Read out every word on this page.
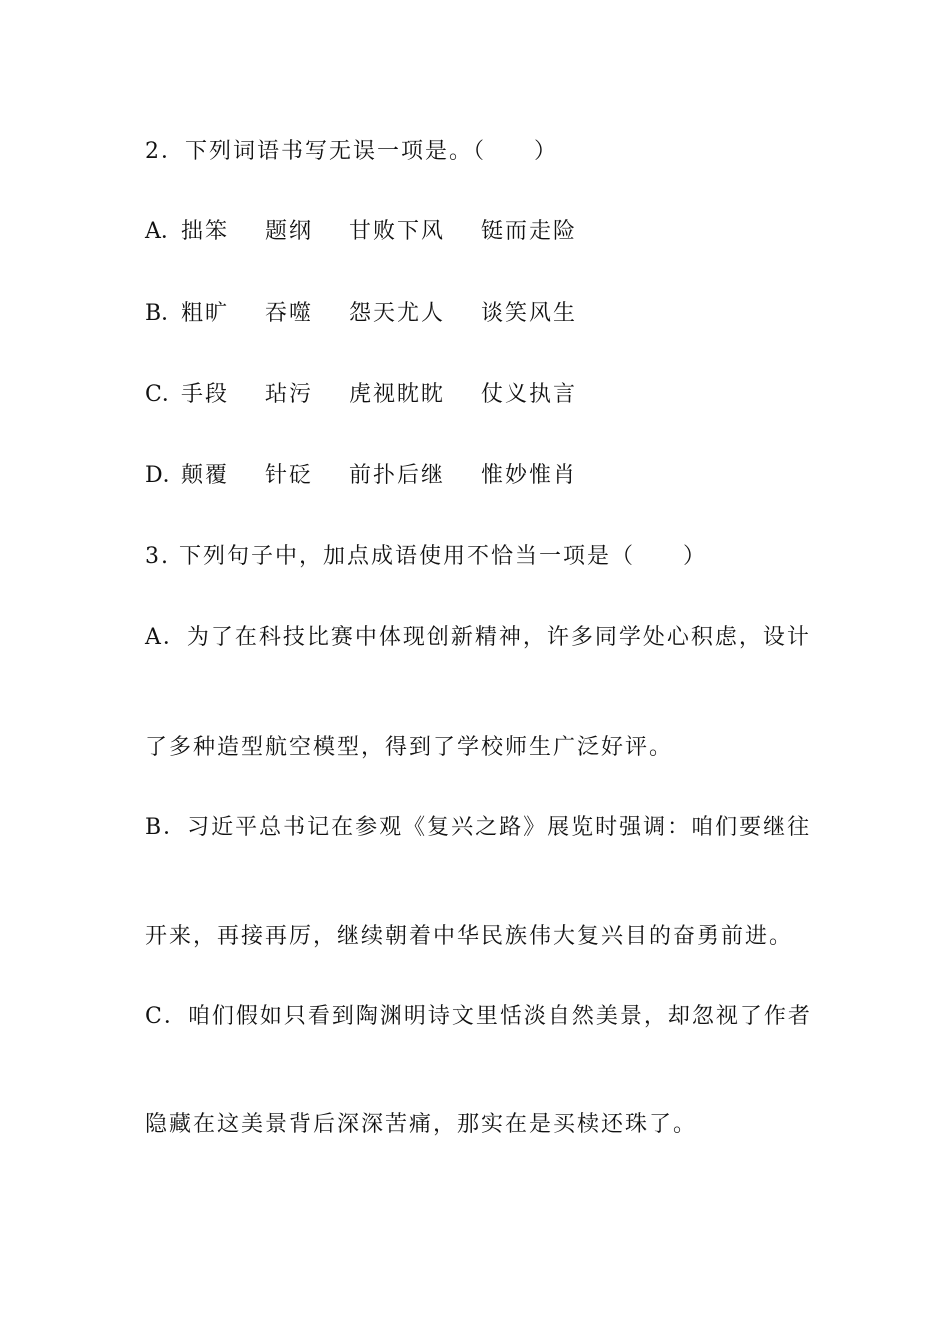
2．下列词语书写无误一项是。（　　）
A．
拙笨 题纲 甘败下风 铤而走险
B．
粗旷 吞噬 怨天尤人 谈笑风生
C．
手段 玷污 虎视眈眈 仗义执言
D．
颠覆 针砭 前扑后继 惟妙惟肖
3. 下列句子中，加点成语使用不恰当一项是（　　）
A．为了在科技比赛中体现创新精神，许多同学处心积虑，设计
了多种造型航空模型，得到了学校师生广泛好评。
B．习近平总书记在参观《复兴之路》展览时强调：咱们要继往
开来，再接再厉，继续朝着中华民族伟大复兴目的奋勇前进。
C．咱们假如只看到陶渊明诗文里恬淡自然美景，却忽视了作者
隐藏在这美景背后深深苦痛，那实在是买椟还珠了。
